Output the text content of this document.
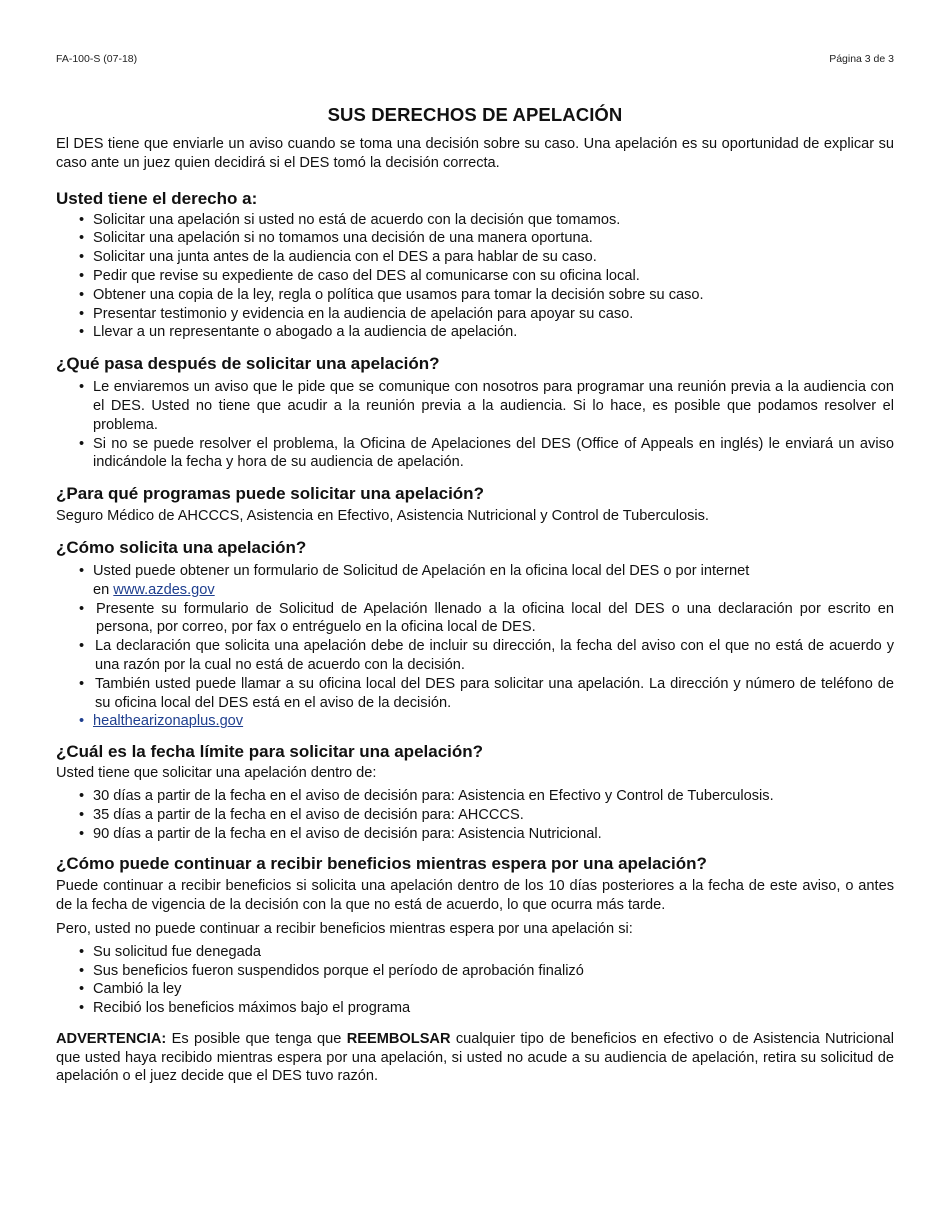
FA-100-S (07-18)	Página 3 de 3
SUS DERECHOS DE APELACIÓN

El DES tiene que enviarle un aviso cuando se toma una decisión sobre su caso. Una apelación es su oportunidad de explicar su caso ante un juez quien decidirá si el DES tomó la decisión correcta.

Usted tiene el derecho a:
• Solicitar una apelación si usted no está de acuerdo con la decisión que tomamos.
• Solicitar una apelación si no tomamos una decisión de una manera oportuna.
• Solicitar una junta antes de la audiencia con el DES a para hablar de su caso.
• Pedir que revise su expediente de caso del DES al comunicarse con su oficina local.
• Obtener una copia de la ley, regla o política que usamos para tomar la decisión sobre su caso.
• Presentar testimonio y evidencia en la audiencia de apelación para apoyar su caso.
• Llevar a un representante o abogado a la audiencia de apelación.
¿Qué pasa después de solicitar una apelación?
• Le enviaremos un aviso que le pide que se comunique con nosotros para programar una reunión previa a la audiencia con el DES. Usted no tiene que acudir a la reunión previa a la audiencia. Si lo hace, es posible que podamos resolver el problema.
• Si no se puede resolver el problema, la Oficina de Apelaciones del DES (Office of Appeals en inglés) le enviará un aviso indicándole la fecha y hora de su audiencia de apelación.
¿Para qué programas puede solicitar una apelación?

Seguro Médico de AHCCCS, Asistencia en Efectivo, Asistencia Nutricional y Control de Tuberculosis.

¿Cómo solicita una apelación?
• Usted puede obtener un formulario de Solicitud de Apelación en la oficina local del DES o por internet
en www.azdes.gov
• Presente su formulario de Solicitud de Apelación llenado a la oficina local del DES o una declaración por escrito en persona, por correo, por fax o entréguelo en la oficina local de DES.
• La declaración que solicita una apelación debe de incluir su dirección, la fecha del aviso con el que no está de acuerdo y una razón por la cual no está de acuerdo con la decisión.
• También usted puede llamar a su oficina local del DES para solicitar una apelación. La dirección y número de teléfono de su oficina local del DES está en el aviso de la decisión.
• healthearizonaplus.gov
¿Cuál es la fecha límite para solicitar una apelación?

Usted tiene que solicitar una apelación dentro de:

• 30 días a partir de la fecha en el aviso de decisión para: Asistencia en Efectivo y Control de Tuberculosis.
• 35 días a partir de la fecha en el aviso de decisión para: AHCCCS.
• 90 días a partir de la fecha en el aviso de decisión para: Asistencia Nutricional.
¿Cómo puede continuar a recibir beneficios mientras espera por una apelación?

Puede continuar a recibir beneficios si solicita una apelación dentro de los 10 días posteriores a la fecha de este aviso, o antes de la fecha de vigencia de la decisión con la que no está de acuerdo, lo que ocurra más tarde.

Pero, usted no puede continuar a recibir beneficios mientras espera por una apelación si:

• Su solicitud fue denegada
• Sus beneficios fueron suspendidos porque el período de aprobación finalizó
• Cambió la ley
• Recibió los beneficios máximos bajo el programa

ADVERTENCIA: Es posible que tenga que REEMBOLSAR cualquier tipo de beneficios en efectivo o de Asistencia Nutricional que usted haya recibido mientras espera por una apelación, si usted no acude a su audiencia de apelación, retira su solicitud de apelación o el juez decide que el DES tuvo razón.
